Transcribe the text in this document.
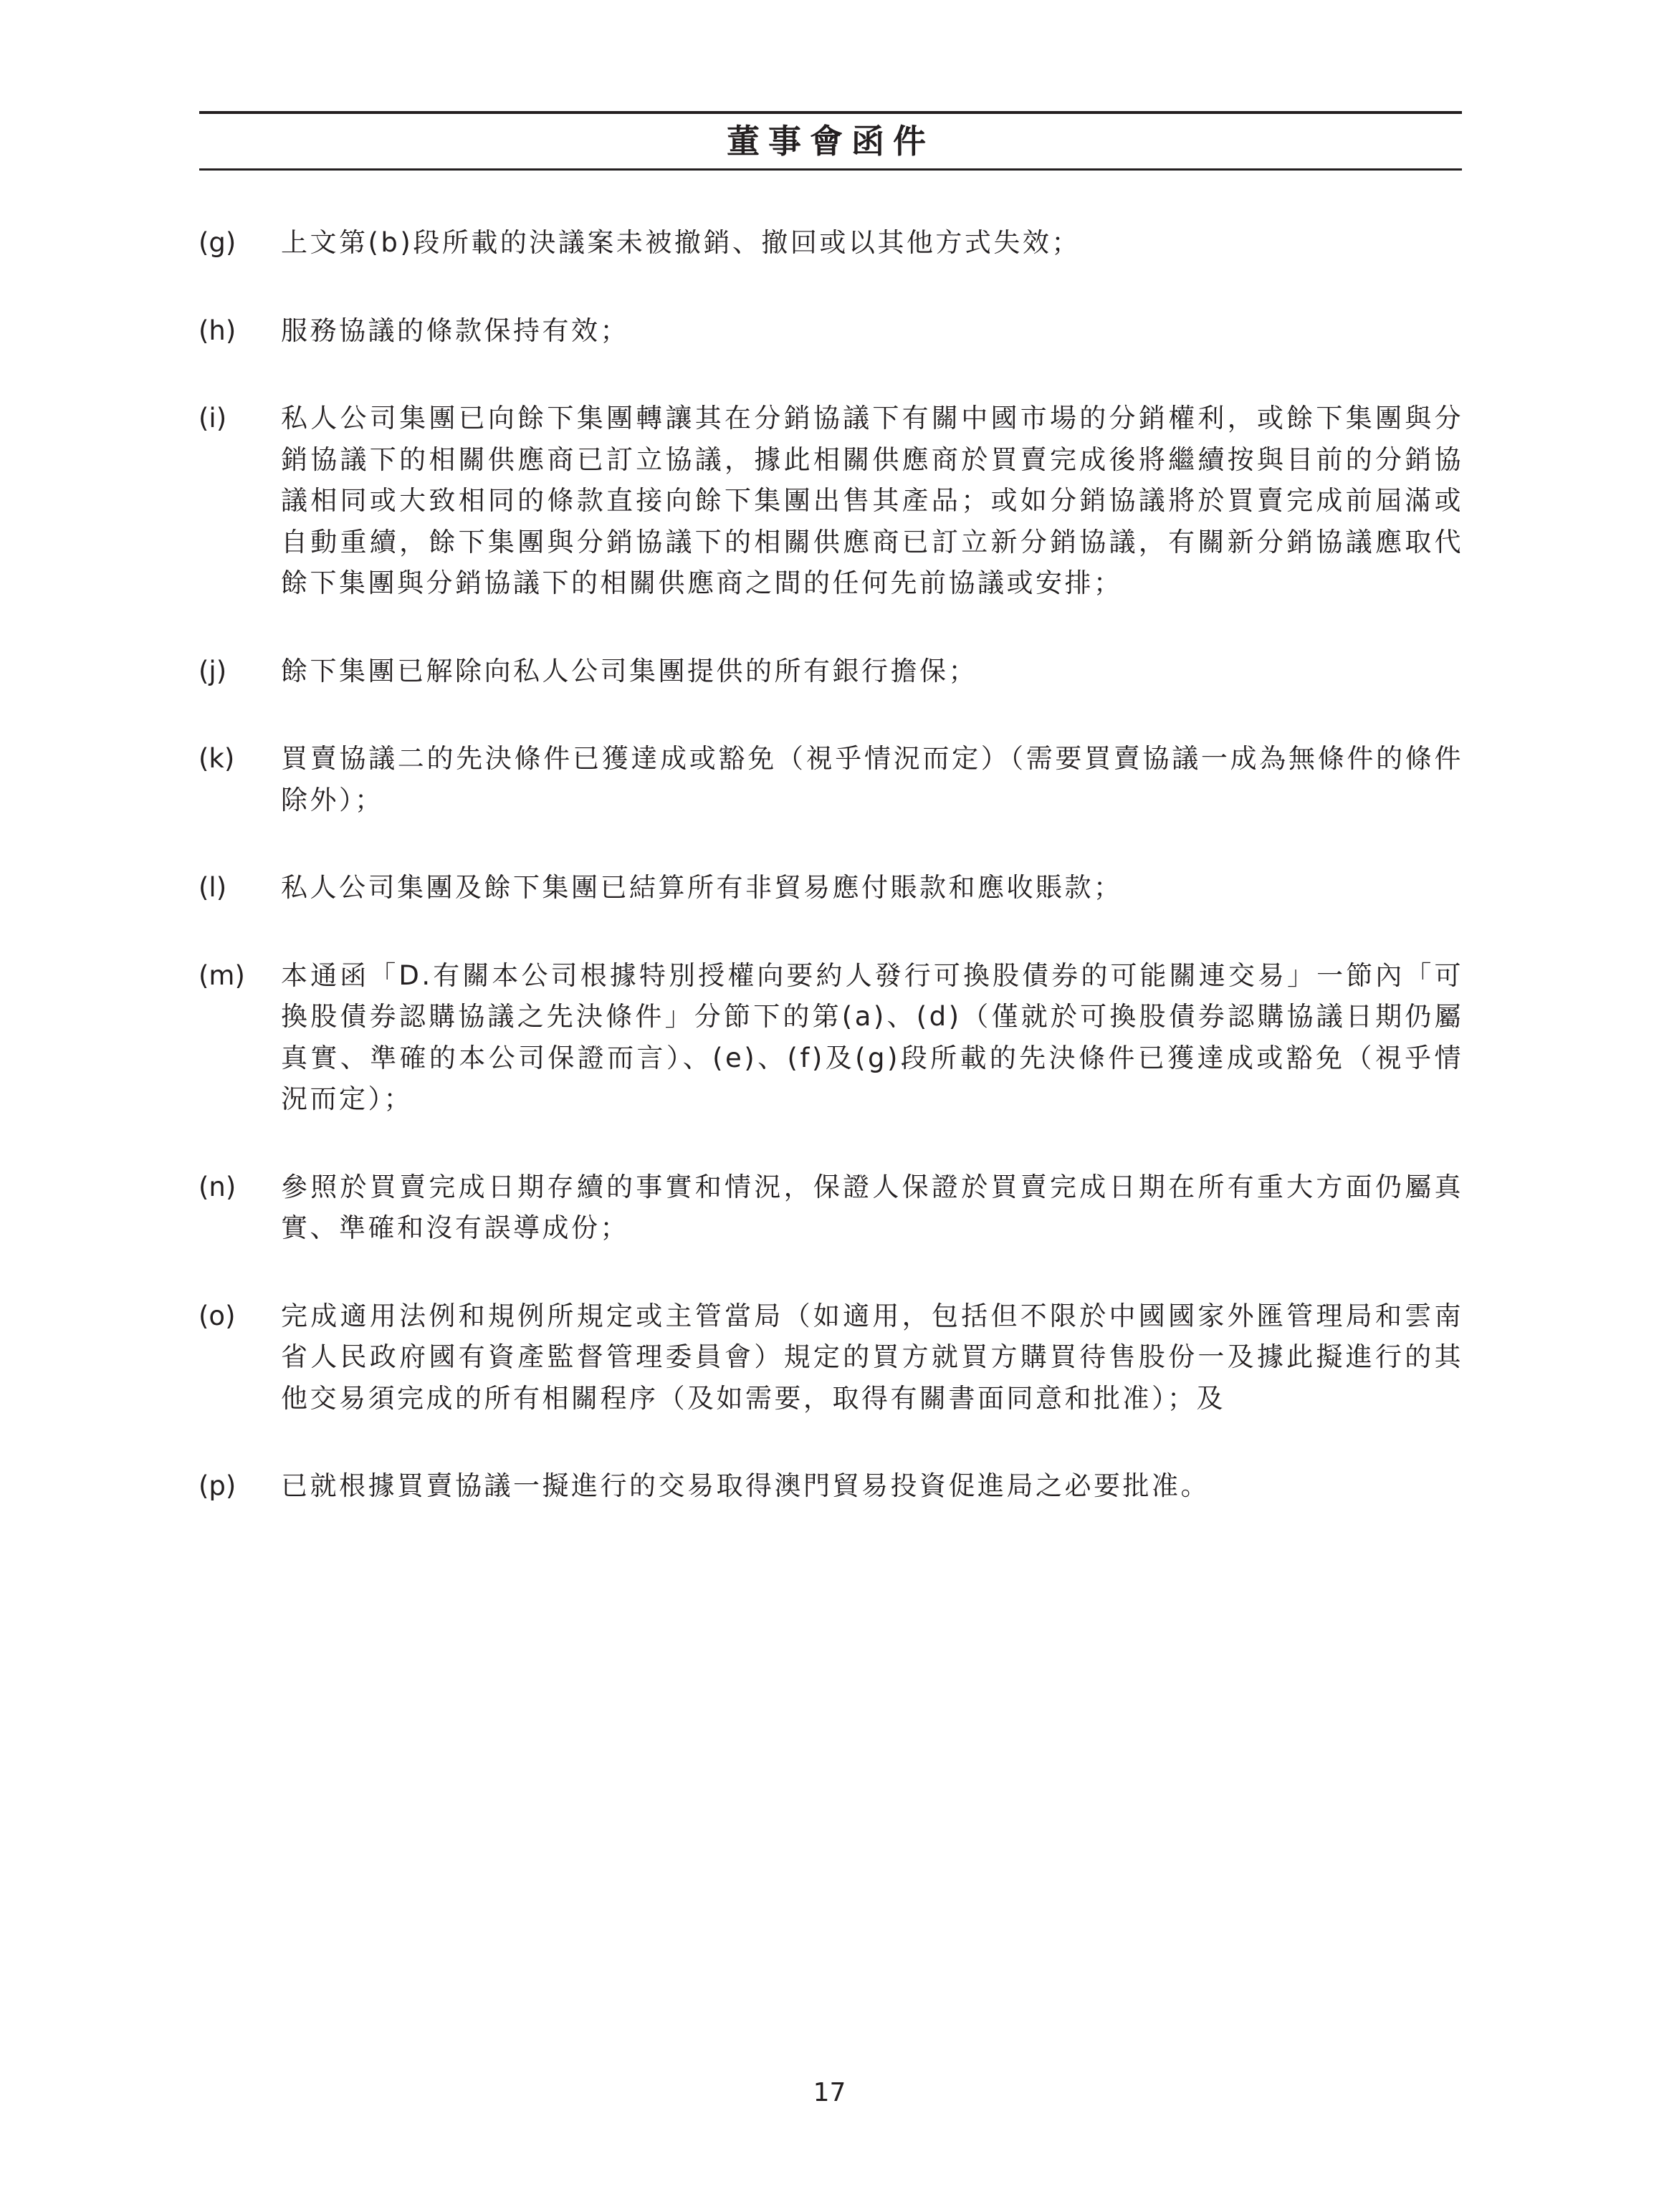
董事會函件
(g) 上文第(b)段所載的決議案未被撤銷、撤回或以其他方式失效；
(h) 服務協議的條款保持有效；
(i) 私人公司集團已向餘下集團轉讓其在分銷協議下有關中國市場的分銷權利，或餘下集團與分銷協議下的相關供應商已訂立協議，據此相關供應商於買賣完成後將繼續按與目前的分銷協議相同或大致相同的條款直接向餘下集團出售其產品；或如分銷協議將於買賣完成前屆滿或自動重續，餘下集團與分銷協議下的相關供應商已訂立新分銷協議，有關新分銷協議應取代餘下集團與分銷協議下的相關供應商之間的任何先前協議或安排；
(j) 餘下集團已解除向私人公司集團提供的所有銀行擔保；
(k) 買賣協議二的先決條件已獲達成或豁免（視乎情況而定）（需要買賣協議一成為無條件的條件除外）；
(l) 私人公司集團及餘下集團已結算所有非貿易應付賬款和應收賬款；
(m) 本通函「D.有關本公司根據特別授權向要約人發行可換股債券的可能關連交易」一節內「可換股債券認購協議之先決條件」分節下的第(a)、(d)（僅就於可換股債券認購協議日期仍屬真實、準確的本公司保證而言）、(e)、(f)及(g)段所載的先決條件已獲達成或豁免（視乎情況而定）；
(n) 參照於買賣完成日期存續的事實和情況，保證人保證於買賣完成日期在所有重大方面仍屬真實、準確和沒有誤導成份；
(o) 完成適用法例和規例所規定或主管當局（如適用，包括但不限於中國國家外匯管理局和雲南省人民政府國有資產監督管理委員會）規定的買方就買方購買待售股份一及據此擬進行的其他交易須完成的所有相關程序（及如需要，取得有關書面同意和批准）；及
(p) 已就根據買賣協議一擬進行的交易取得澳門貿易投資促進局之必要批准。
17
